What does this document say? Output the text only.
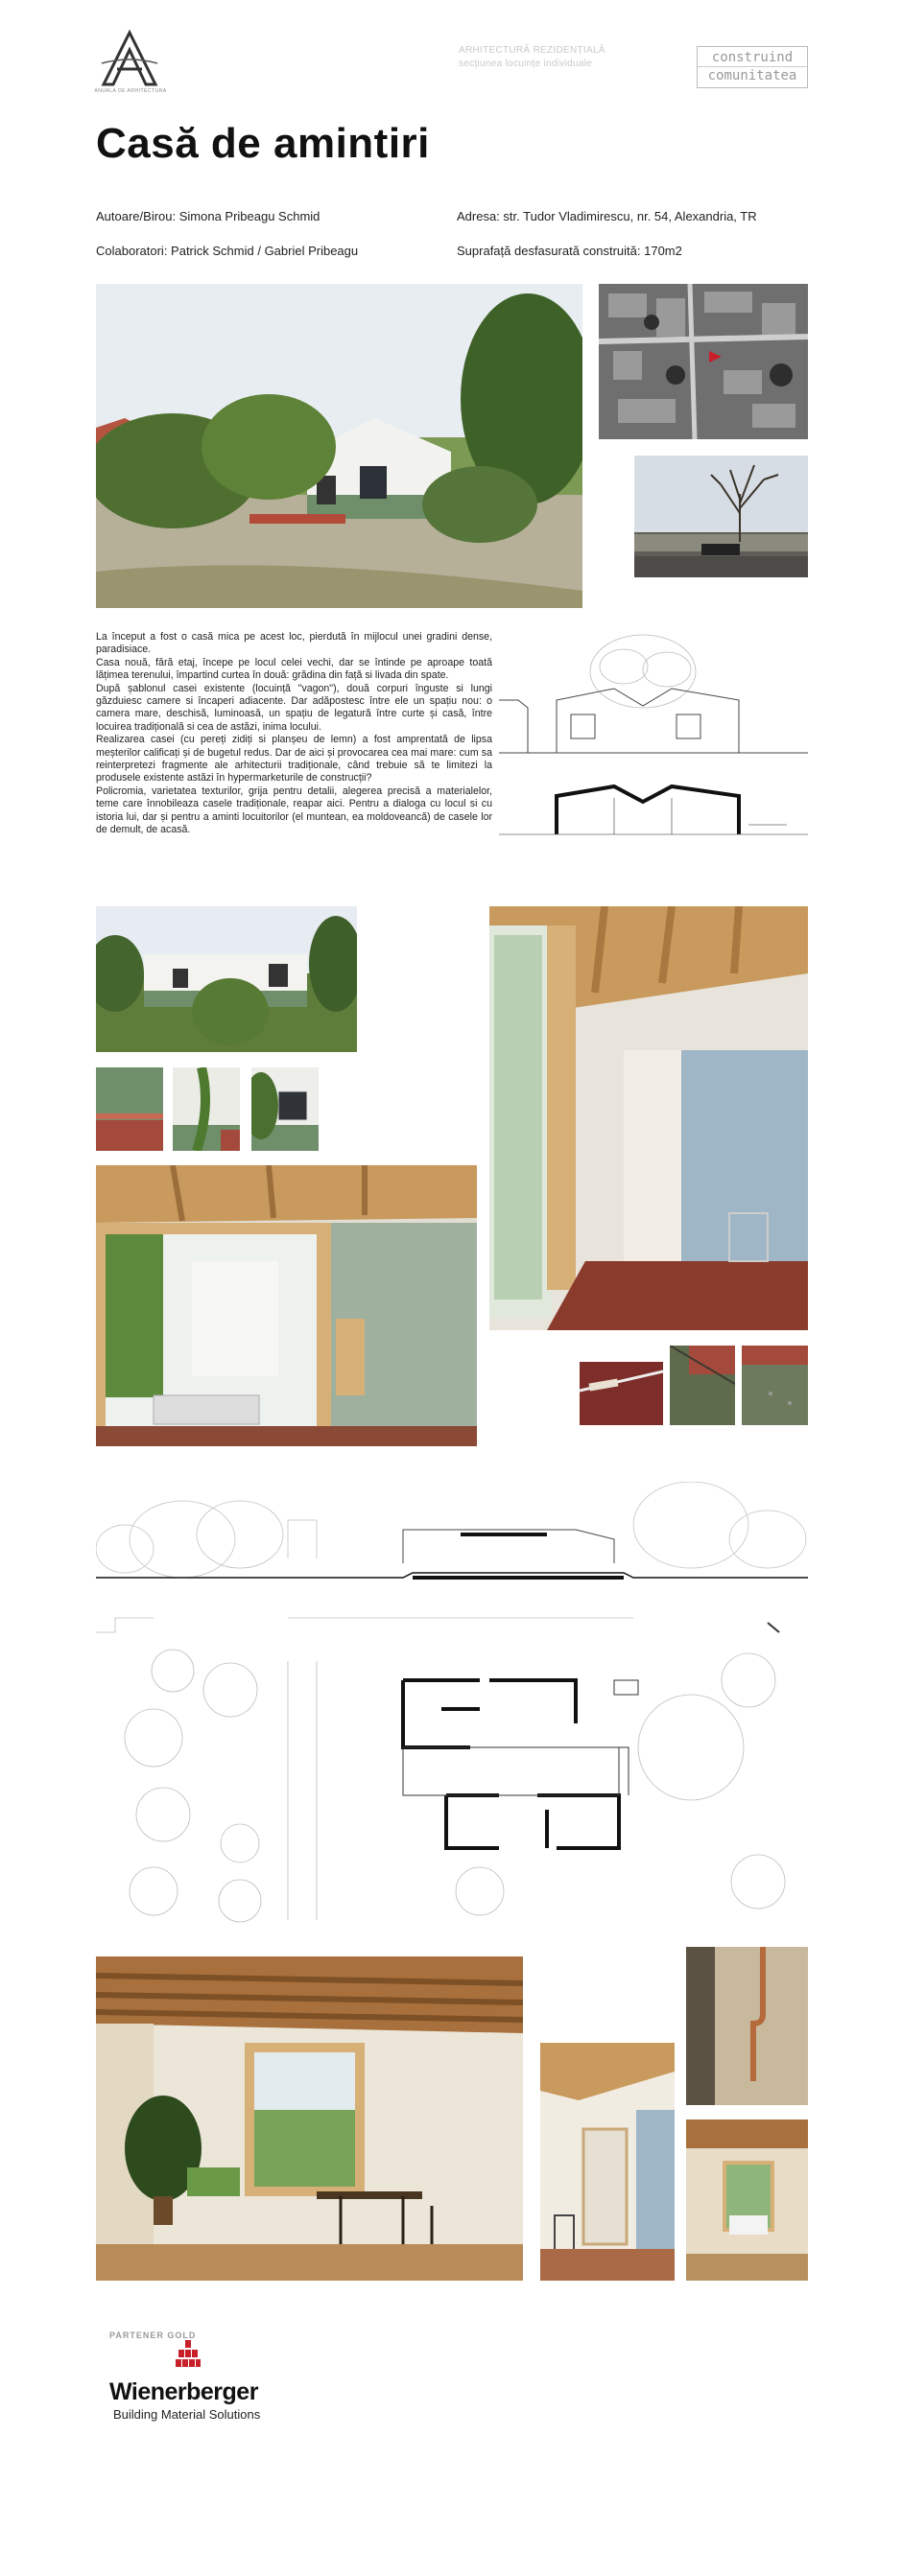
ANUALA DE ARHITECTURA
ARHITECTURĂ REZIDENȚIALĂ
secțiunea locuințe individuale	construind
comunitatea
Casă de amintiri
Autoare/Birou: Simona Pribeagu Schmid	Adresa: str. Tudor Vladimirescu, nr. 54, Alexandria, TR
Colaboratori: Patrick Schmid / Gabriel Pribeagu	Suprafață desfasurată construită: 170m2

La început a fost o casă mica pe acest loc, pierdută în mijlocul unei gradini dense, paradisiace.

Casa nouă, fără etaj, începe pe locul celei vechi, dar se întinde pe aproape toată lățimea terenului, împartind curtea în două: grădina din față si livada din spate.

După șablonul casei existente (locuință "vagon"), două corpuri înguste si lungi găzduiesc camere si încaperi adiacente. Dar adăpostesc între ele un spațiu nou: o camera mare, deschisă, luminoasă, un spațiu de legatură între curte și casă, între locuirea tradițională si cea de astăzi, inima locului.

Realizarea casei (cu pereți zidiți si planșeu de lemn) a fost amprentată de lipsa meșterilor calificați și de bugetul redus. Dar de aici și provocarea cea mai mare: cum sa reinterpretezi fragmente ale arhitecturii tradiționale, când trebuie să te limitezi la produsele existente astăzi în hypermarketurile de construcții?

Policromia, varietatea texturilor, grija pentru detalii, alegerea precisă a materialelor, teme care înnobileaza casele tradiționale, reapar aici. Pentru a dialoga cu locul si cu istoria lui, dar și pentru a aminti locuitorilor (el muntean, ea moldoveancă) de casele lor de demult, de acasă.

PARTENER GOLD
Wienerberger
Building Material Solutions
